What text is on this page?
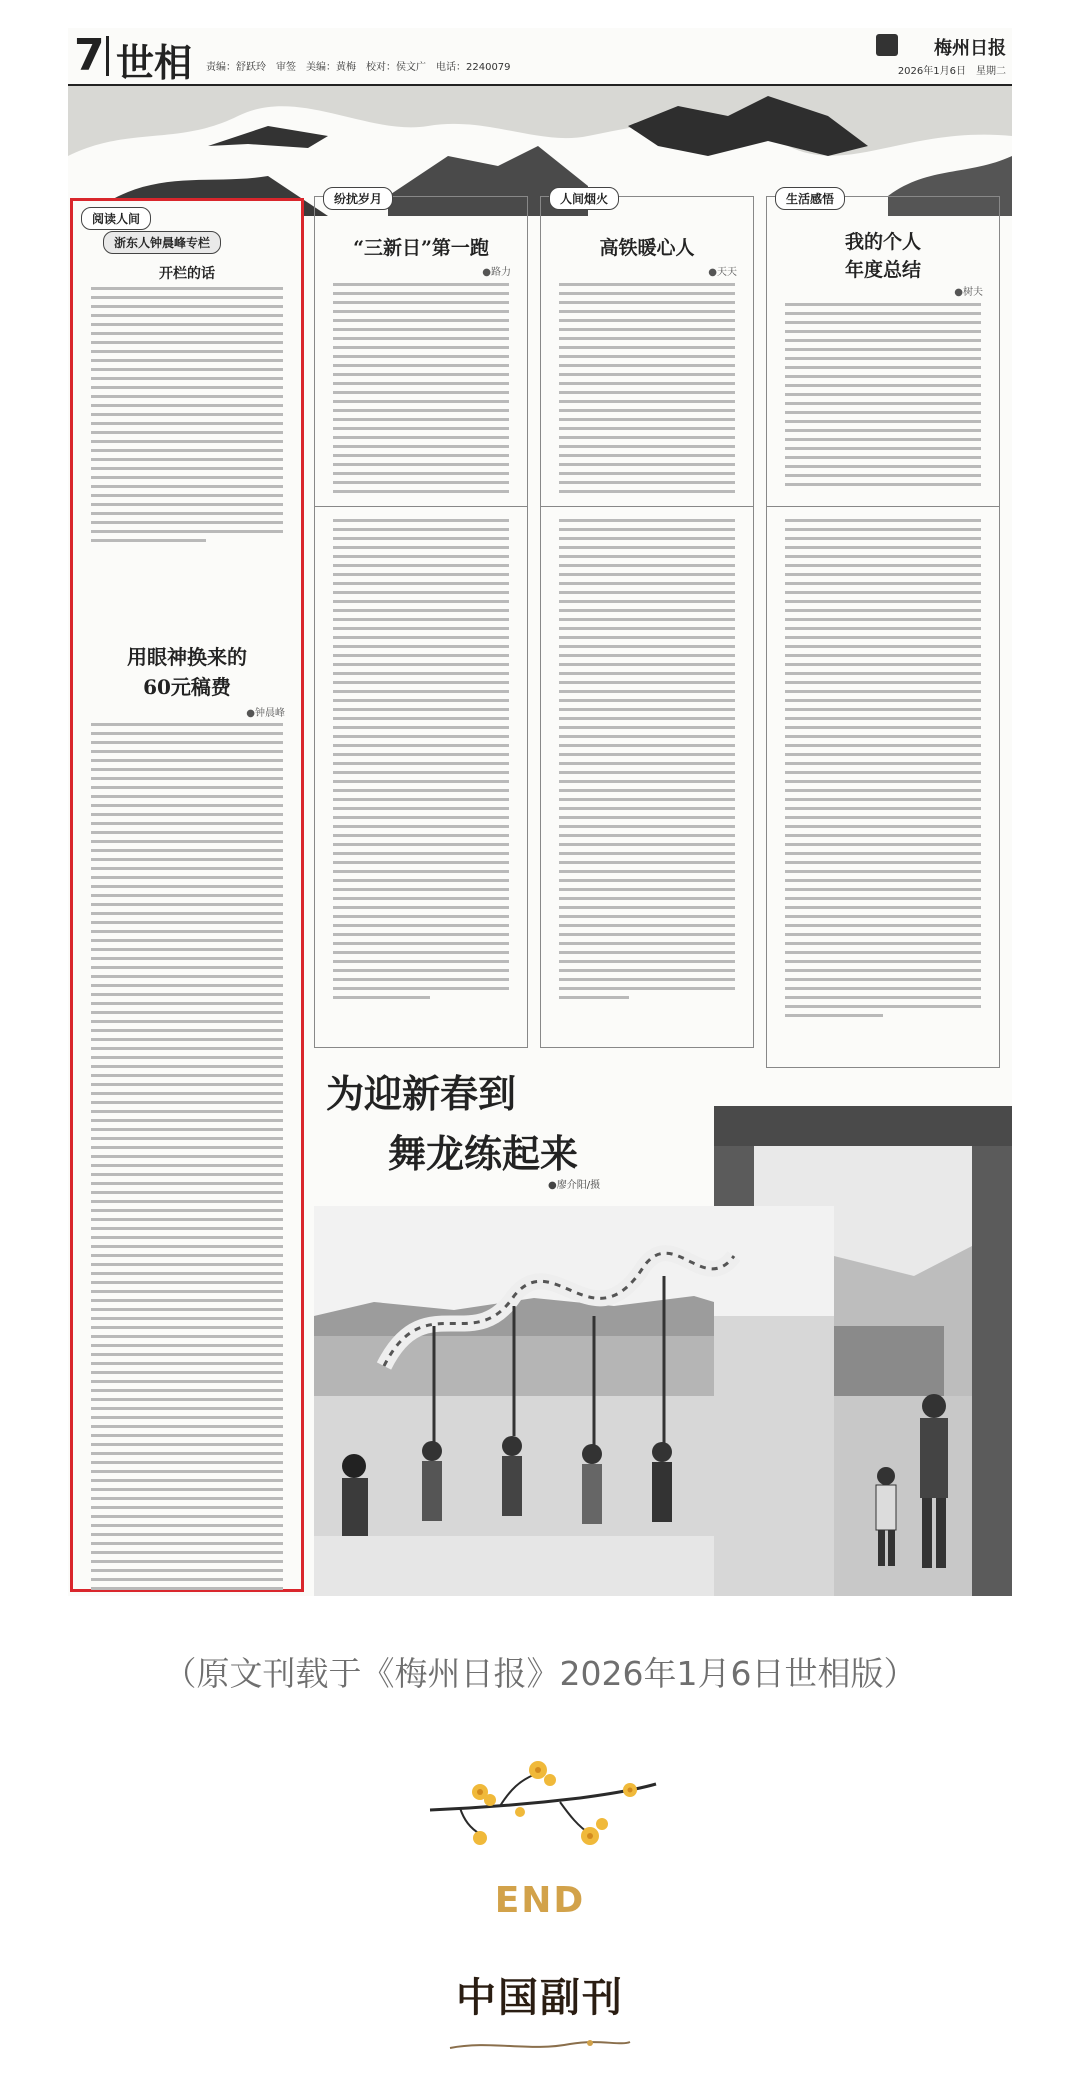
7 世相 责编：舒跃玲　审签　美编：黄梅　校对：侯文广　电话：2240079
梅州日报
2026年1月6日　星期二
阅读人间
浙东人钟晨峰专栏
开栏的话
用眼神换来的
60元稿费
●钟晨峰
纷扰岁月
“三新日”第一跑
●路力
人间烟火
高铁暖心人
●天天
生活感悟
我的个人
年度总结
●树夫
为迎新春到
舞龙练起来
●廖介阳/摄
（原文刊载于《梅州日报》2026年1月6日世相版）
END
中国副刊
